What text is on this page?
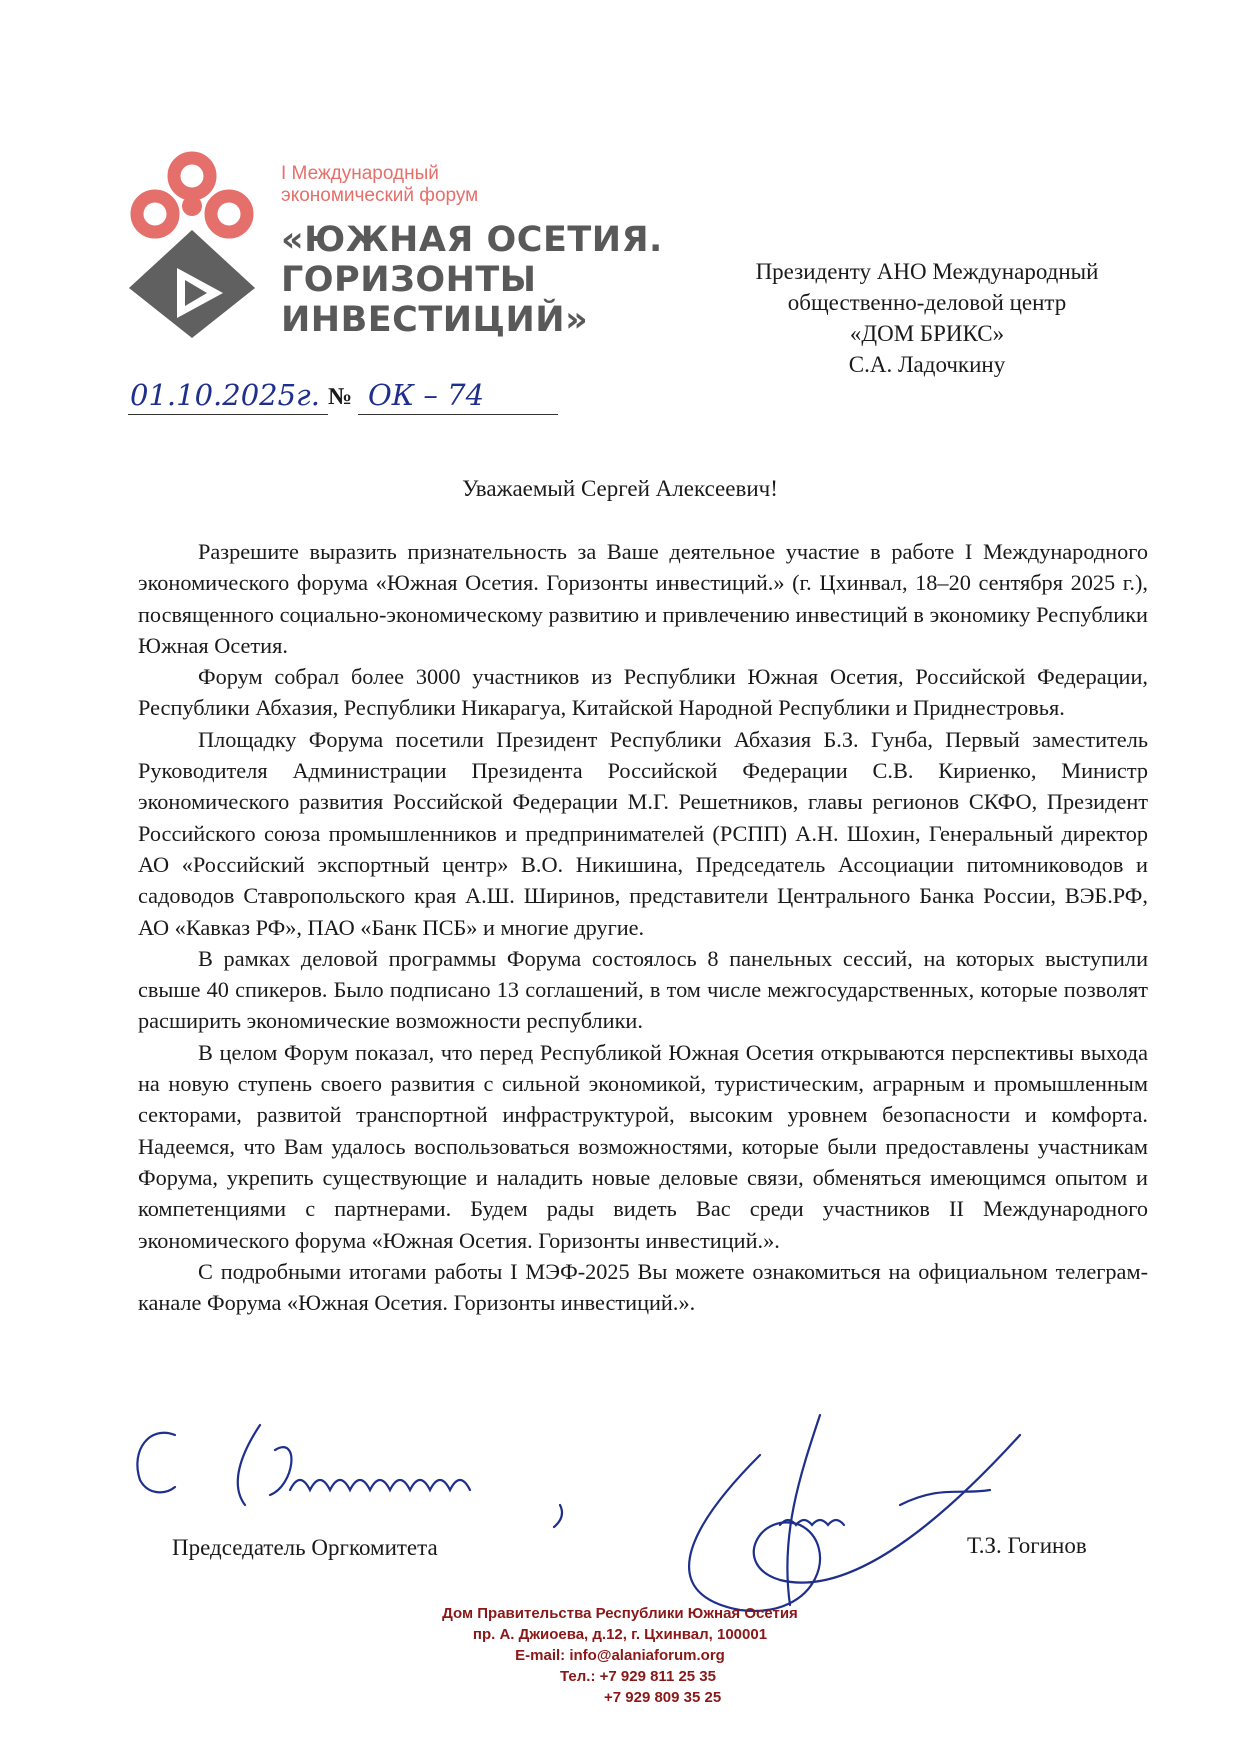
I Международный
экономический форум
«ЮЖНАЯ ОСЕТИЯ.
ГОРИЗОНТЫ
ИНВЕСТИЦИЙ»
Президенту АНО Международный
общественно-деловой центр
«ДОМ БРИКС»
С.А. Ладочкину
01.10.2025г. № ОК – 74
Уважаемый Сергей Алексеевич!

Разрешите выразить признательность за Ваше деятельное участие в работе I Международного экономического форума «Южная Осетия. Горизонты инвестиций.» (г. Цхинвал, 18–20 сентября 2025 г.), посвященного социально-экономическому развитию и привлечению инвестиций в экономику Республики Южная Осетия.

Форум собрал более 3000 участников из Республики Южная Осетия, Российской Федерации, Республики Абхазия, Республики Никарагуа, Китайской Народной Республики и Приднестровья.

Площадку Форума посетили Президент Республики Абхазия Б.З. Гунба, Первый заместитель Руководителя Администрации Президента Российской Федерации С.В. Кириенко, Министр экономического развития Российской Федерации М.Г. Решетников, главы регионов СКФО, Президент Российского союза промышленников и предпринимателей (РСПП) А.Н. Шохин, Генеральный директор АО «Российский экспортный центр» В.О. Никишина, Председатель Ассоциации питомниководов и садоводов Ставропольского края А.Ш. Ширинов, представители Центрального Банка России, ВЭБ.РФ, АО «Кавказ РФ», ПАО «Банк ПСБ» и многие другие.

В рамках деловой программы Форума состоялось 8 панельных сессий, на которых выступили свыше 40 спикеров. Было подписано 13 соглашений, в том числе межгосударственных, которые позволят расширить экономические возможности республики.

В целом Форум показал, что перед Республикой Южная Осетия открываются перспективы выхода на новую ступень своего развития с сильной экономикой, туристическим, аграрным и промышленным секторами, развитой транспортной инфраструктурой, высоким уровнем безопасности и комфорта. Надеемся, что Вам удалось воспользоваться возможностями, которые были предоставлены участникам Форума, укрепить существующие и наладить новые деловые связи, обменяться имеющимся опытом и компетенциями с партнерами. Будем рады видеть Вас среди участников II Международного экономического форума «Южная Осетия. Горизонты инвестиций.».

С подробными итогами работы I МЭФ-2025 Вы можете ознакомиться на официальном телеграм-канале Форума «Южная Осетия. Горизонты инвестиций.».

Председатель Оргкомитета	Т.З. Гогинов
Дом Правительства Республики Южная Осетия
пр. А. Джиоева, д.12, г. Цхинвал, 100001
E-mail: info@alaniaforum.org
Тел.: +7 929 811 25 35
+7 929 809 35 25
